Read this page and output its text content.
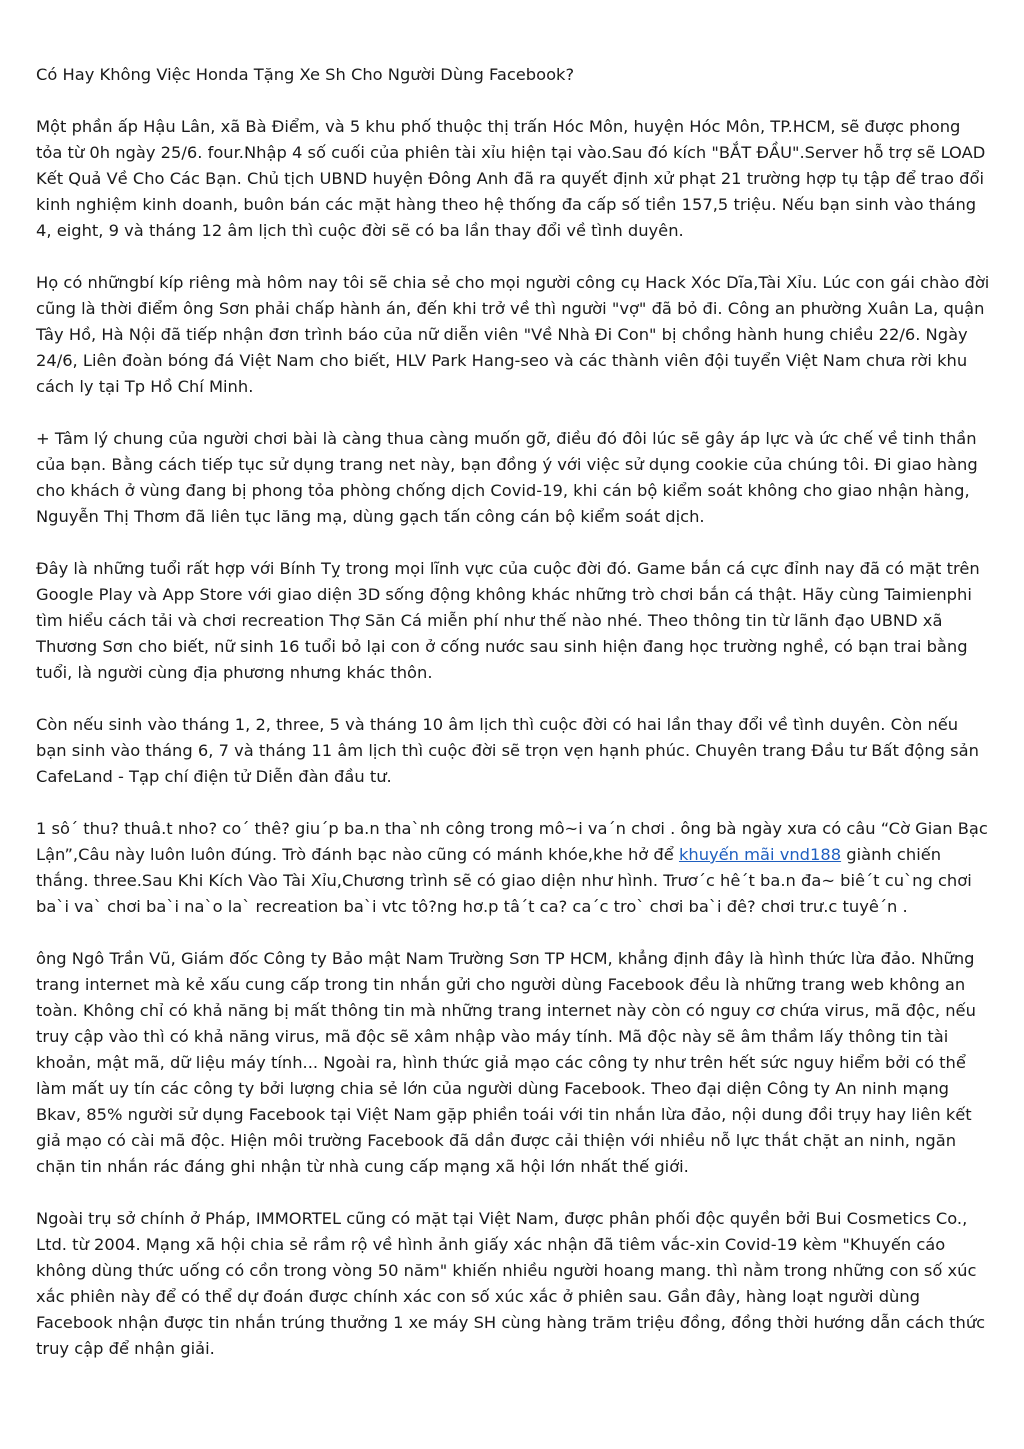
Có Hay Không Việc Honda Tặng Xe Sh Cho Người Dùng Facebook?

Một phần ấp Hậu Lân, xã Bà Điểm, và 5 khu phố thuộc thị trấn Hóc Môn, huyện Hóc Môn, TP.HCM, sẽ được phong tỏa từ 0h ngày 25/6. four.Nhập 4 số cuối của phiên tài xỉu hiện tại vào.Sau đó kích "BẮT ĐẦU".Server hỗ trợ sẽ LOAD Kết Quả Về Cho Các Bạn. Chủ tịch UBND huyện Đông Anh đã ra quyết định xử phạt 21 trường hợp tụ tập để trao đổi kinh nghiệm kinh doanh, buôn bán các mặt hàng theo hệ thống đa cấp số tiền 157,5 triệu. Nếu bạn sinh vào tháng 4, eight, 9 và tháng 12 âm lịch thì cuộc đời sẽ có ba lần thay đổi về tình duyên.

Họ có nhữngbí kíp riêng mà hôm nay tôi sẽ chia sẻ cho mọi người công cụ Hack Xóc Dĩa,Tài Xỉu. Lúc con gái chào đời cũng là thời điểm ông Sơn phải chấp hành án, đến khi trở về thì người "vợ" đã bỏ đi. Công an phường Xuân La, quận Tây Hồ, Hà Nội đã tiếp nhận đơn trình báo của nữ diễn viên "Về Nhà Đi Con" bị chồng hành hung chiều 22/6. Ngày 24/6, Liên đoàn bóng đá Việt Nam cho biết, HLV Park Hang-seo và các thành viên đội tuyển Việt Nam chưa rời khu cách ly tại Tp Hồ Chí Minh.

+ Tâm lý chung của người chơi bài là càng thua càng muốn gỡ, điều đó đôi lúc sẽ gây áp lực và ức chế về tinh thần của bạn. Bằng cách tiếp tục sử dụng trang net này, bạn đồng ý với việc sử dụng cookie của chúng tôi. Đi giao hàng cho khách ở vùng đang bị phong tỏa phòng chống dịch Covid-19, khi cán bộ kiểm soát không cho giao nhận hàng, Nguyễn Thị Thơm đã liên tục lăng mạ, dùng gạch tấn công cán bộ kiểm soát dịch.

Đây là những tuổi rất hợp với Bính Tỵ trong mọi lĩnh vực của cuộc đời đó. Game bắn cá cực đỉnh nay đã có mặt trên Google Play và App Store với giao diện 3D sống động không khác những trò chơi bắn cá thật. Hãy cùng Taimienphi tìm hiểu cách tải và chơi recreation Thợ Săn Cá miễn phí như thế nào nhé. Theo thông tin từ lãnh đạo UBND xã Thương Sơn cho biết, nữ sinh 16 tuổi bỏ lại con ở cống nước sau sinh hiện đang học trường nghề, có bạn trai bằng tuổi, là người cùng địa phương nhưng khác thôn.

Còn nếu sinh vào tháng 1, 2, three, 5 và tháng 10 âm lịch thì cuộc đời có hai lần thay đổi về tình duyên. Còn nếu bạn sinh vào tháng 6, 7 và tháng 11 âm lịch thì cuộc đời sẽ trọn vẹn hạnh phúc. Chuyên trang Đầu tư Bất động sản CafeLand - Tạp chí điện tử Diễn đàn đầu tư.

1 sô´ thu? thuâ.t nho? co´ thê? giu´p ba.n tha`nh công trong mô~i va´n chơi . ông bà ngày xưa có câu “Cờ Gian Bạc Lận”,Câu này luôn luôn đúng. Trò đánh bạc nào cũng có mánh khóe,khe hở để khuyến mãi vnd188 giành chiến thắng. three.Sau Khi Kích Vào Tài Xỉu,Chương trình sẽ có giao diện như hình. Trươ´c hê´t ba.n đa~ biê´t cu`ng chơi ba`i va` chơi ba`i na`o la` recreation ba`i vtc tô?ng hơ.p tâ´t ca? ca´c tro` chơi ba`i đê? chơi trư.c tuyê´n .

ông Ngô Trần Vũ, Giám đốc Công ty Bảo mật Nam Trường Sơn TP HCM, khẳng định đây là hình thức lừa đảo. Những trang internet mà kẻ xấu cung cấp trong tin nhắn gửi cho người dùng Facebook đều là những trang web không an toàn. Không chỉ có khả năng bị mất thông tin mà những trang internet này còn có nguy cơ chứa virus, mã độc, nếu truy cập vào thì có khả năng virus, mã độc sẽ xâm nhập vào máy tính. Mã độc này sẽ âm thầm lấy thông tin tài khoản, mật mã, dữ liệu máy tính... Ngoài ra, hình thức giả mạo các công ty như trên hết sức nguy hiểm bởi có thể làm mất uy tín các công ty bởi lượng chia sẻ lớn của người dùng Facebook. Theo đại diện Công ty An ninh mạng Bkav, 85% người sử dụng Facebook tại Việt Nam gặp phiền toái với tin nhắn lừa đảo, nội dung đồi trụy hay liên kết giả mạo có cài mã độc. Hiện môi trường Facebook đã dần được cải thiện với nhiều nỗ lực thắt chặt an ninh, ngăn chặn tin nhắn rác đáng ghi nhận từ nhà cung cấp mạng xã hội lớn nhất thế giới.

Ngoài trụ sở chính ở Pháp, IMMORTEL cũng có mặt tại Việt Nam, được phân phối độc quyền bởi Bui Cosmetics Co., Ltd. từ 2004. Mạng xã hội chia sẻ rầm rộ về hình ảnh giấy xác nhận đã tiêm vắc-xin Covid-19 kèm "Khuyến cáo không dùng thức uống có cồn trong vòng 50 năm" khiến nhiều người hoang mang. thì nằm trong những con số xúc xắc phiên này để có thể dự đoán được chính xác con số xúc xắc ở phiên sau. Gần đây, hàng loạt người dùng Facebook nhận được tin nhắn trúng thưởng 1 xe máy SH cùng hàng trăm triệu đồng, đồng thời hướng dẫn cách thức truy cập để nhận giải.
